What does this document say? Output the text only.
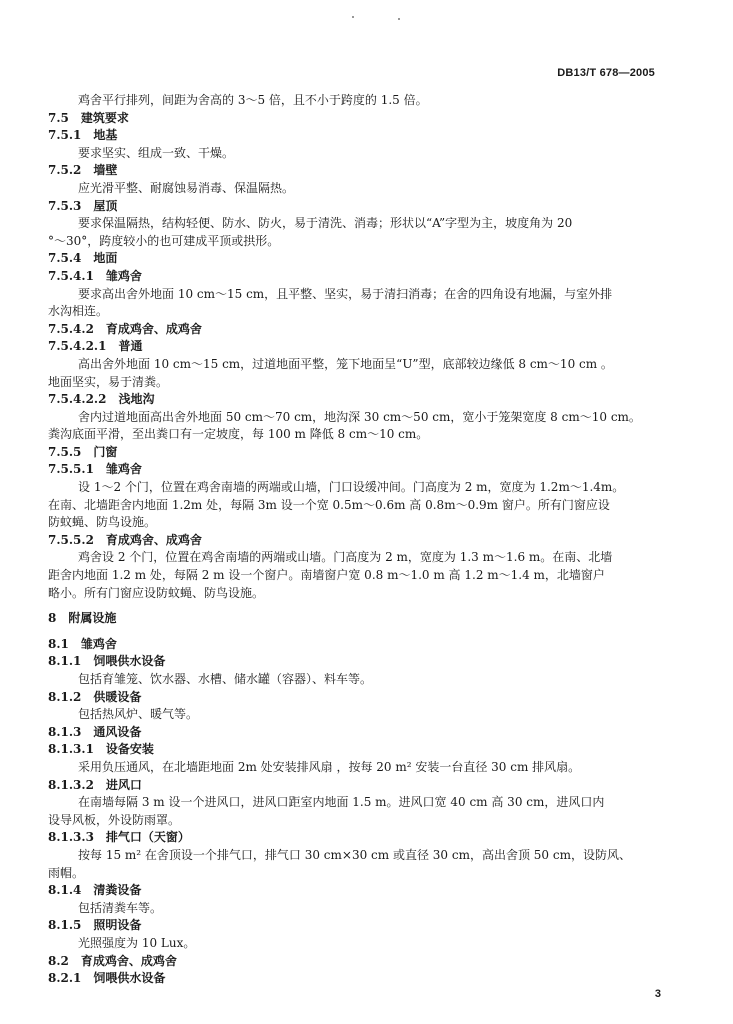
DB13/T 678—2005
鸡舍平行排列，间距为舍高的 3～5 倍，且不小于跨度的 1.5 倍。
7.5　建筑要求
7.5.1　地基
要求坚实、组成一致、干燥。
7.5.2　墙壁
应光滑平整、耐腐蚀易消毒、保温隔热。
7.5.3　屋顶
要求保温隔热，结构轻便、防水、防火，易于清洗、消毒；形状以“A”字型为主，坡度角为 20
°～30°，跨度较小的也可建成平顶或拱形。
7.5.4　地面
7.5.4.1　雏鸡舍
要求高出舍外地面 10 cm～15 cm，且平整、坚实，易于清扫消毒；在舍的四角设有地漏，与室外排
水沟相连。
7.5.4.2　育成鸡舍、成鸡舍
7.5.4.2.1　普通
高出舍外地面 10 cm～15 cm，过道地面平整，笼下地面呈“U”型，底部较边缘低 8 cm～10 cm 。
地面坚实，易于清粪。
7.5.4.2.2　浅地沟
舍内过道地面高出舍外地面 50 cm～70 cm，地沟深 30 cm～50 cm，宽小于笼架宽度 8 cm～10 cm。
粪沟底面平滑，至出粪口有一定坡度，每 100 m 降低 8 cm～10 cm。
7.5.5　门窗
7.5.5.1　雏鸡舍
设 1～2 个门，位置在鸡舍南墙的两端或山墙，门口设缓冲间。门高度为 2 m，宽度为 1.2m～1.4m。
在南、北墙距舍内地面 1.2m 处，每隔 3m 设一个宽 0.5m～0.6m 高 0.8m～0.9m 窗户。所有门窗应设
防蚊蝇、防鸟设施。
7.5.5.2　育成鸡舍、成鸡舍
鸡舍设 2 个门，位置在鸡舍南墙的两端或山墙。门高度为 2 m，宽度为 1.3 m～1.6 m。在南、北墙
距舍内地面 1.2 m 处，每隔 2 m 设一个窗户。南墙窗户宽 0.8 m～1.0 m 高 1.2 m～1.4 m，北墙窗户
略小。所有门窗应设防蚊蝇、防鸟设施。
8　附属设施
8.1　雏鸡舍
8.1.1　饲喂供水设备
包括育雏笼、饮水器、水槽、储水罐（容器）、料车等。
8.1.2　供暖设备
包括热风炉、暖气等。
8.1.3　通风设备
8.1.3.1　设备安装
采用负压通风，在北墙距地面 2m 处安装排风扇 ，按每 20 m² 安装一台直径 30 cm 排风扇。
8.1.3.2　进风口
在南墙每隔 3 m 设一个进风口，进风口距室内地面 1.5 m。进风口宽 40 cm 高 30 cm，进风口内
设导风板，外设防雨罩。
8.1.3.3　排气口（天窗）
按每 15 m² 在舍顶设一个排气口，排气口 30 cm×30 cm 或直径 30 cm，高出舍顶 50 cm，设防风、
雨帽。
8.1.4　清粪设备
包括清粪车等。
8.1.5　照明设备
光照强度为 10 Lux。
8.2　育成鸡舍、成鸡舍
8.2.1　饲喂供水设备
3
